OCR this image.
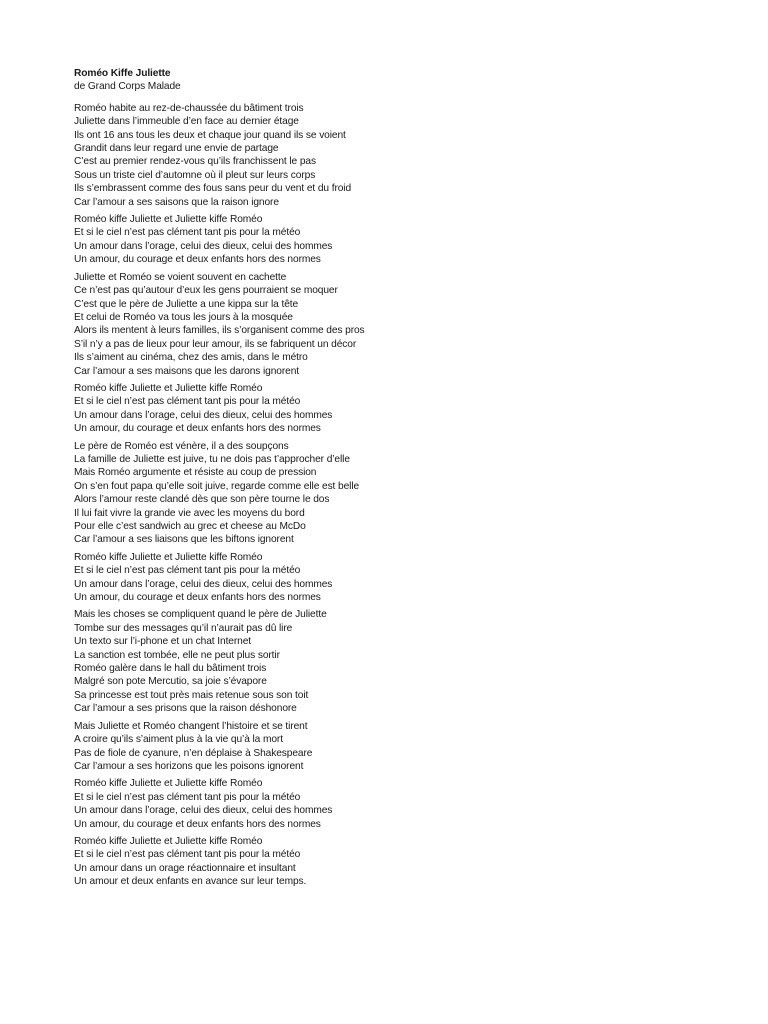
Roméo Kiffe Juliette
de Grand Corps Malade
Roméo habite au rez-de-chaussée du bâtiment trois
Juliette dans l’immeuble d’en face au dernier étage
Ils ont 16 ans tous les deux et chaque jour quand ils se voient
Grandit dans leur regard une envie de partage
C’est au premier rendez-vous qu’ils franchissent le pas
Sous un triste ciel d’automne où il pleut sur leurs corps
Ils s’embrassent comme des fous sans peur du vent et du froid
Car l’amour a ses saisons que la raison ignore
Roméo kiffe Juliette et Juliette kiffe Roméo
Et si le ciel n’est pas clément tant pis pour la météo
Un amour dans l’orage, celui des dieux, celui des hommes
Un amour, du courage et deux enfants hors des normes
Juliette et Roméo se voient souvent en cachette
Ce n’est pas qu’autour d’eux les gens pourraient se moquer
C’est que le père de Juliette a une kippa sur la tête
Et celui de Roméo va tous les jours à la mosquée
Alors ils mentent à leurs familles, ils s’organisent comme des pros
S’il n’y a pas de lieux pour leur amour, ils se fabriquent un décor
Ils s’aiment au cinéma, chez des amis, dans le métro
Car l’amour a ses maisons que les darons ignorent
Roméo kiffe Juliette et Juliette kiffe Roméo
Et si le ciel n’est pas clément tant pis pour la météo
Un amour dans l’orage, celui des dieux, celui des hommes
Un amour, du courage et deux enfants hors des normes
Le père de Roméo est vénère, il a des soupçons
La famille de Juliette est juive, tu ne dois pas t’approcher d’elle
Mais Roméo argumente et résiste au coup de pression
On s’en fout papa qu’elle soit juive, regarde comme elle est belle
Alors l’amour reste clandé dès que son père tourne le dos
Il lui fait vivre la grande vie avec les moyens du bord
Pour elle c’est sandwich au grec et cheese au McDo
Car l’amour a ses liaisons que les biftons ignorent
Roméo kiffe Juliette et Juliette kiffe Roméo
Et si le ciel n’est pas clément tant pis pour la météo
Un amour dans l’orage, celui des dieux, celui des hommes
Un amour, du courage et deux enfants hors des normes
Mais les choses se compliquent quand le père de Juliette
Tombe sur des messages qu’il n’aurait pas dû lire
Un texto sur l’i-phone et un chat Internet
La sanction est tombée, elle ne peut plus sortir
Roméo galère dans le hall du bâtiment trois
Malgré son pote Mercutio, sa joie s’évapore
Sa princesse est tout près mais retenue sous son toit
Car l’amour a ses prisons que la raison déshonore
Mais Juliette et Roméo changent l’histoire et se tirent
A croire qu’ils s’aiment plus à la vie qu’à la mort
Pas de fiole de cyanure, n’en déplaise à Shakespeare
Car l’amour a ses horizons que les poisons ignorent
Roméo kiffe Juliette et Juliette kiffe Roméo
Et si le ciel n’est pas clément tant pis pour la météo
Un amour dans l’orage, celui des dieux, celui des hommes
Un amour, du courage et deux enfants hors des normes
Roméo kiffe Juliette et Juliette kiffe Roméo
Et si le ciel n’est pas clément tant pis pour la météo
Un amour dans un orage réactionnaire et insultant
Un amour et deux enfants en avance sur leur temps.
